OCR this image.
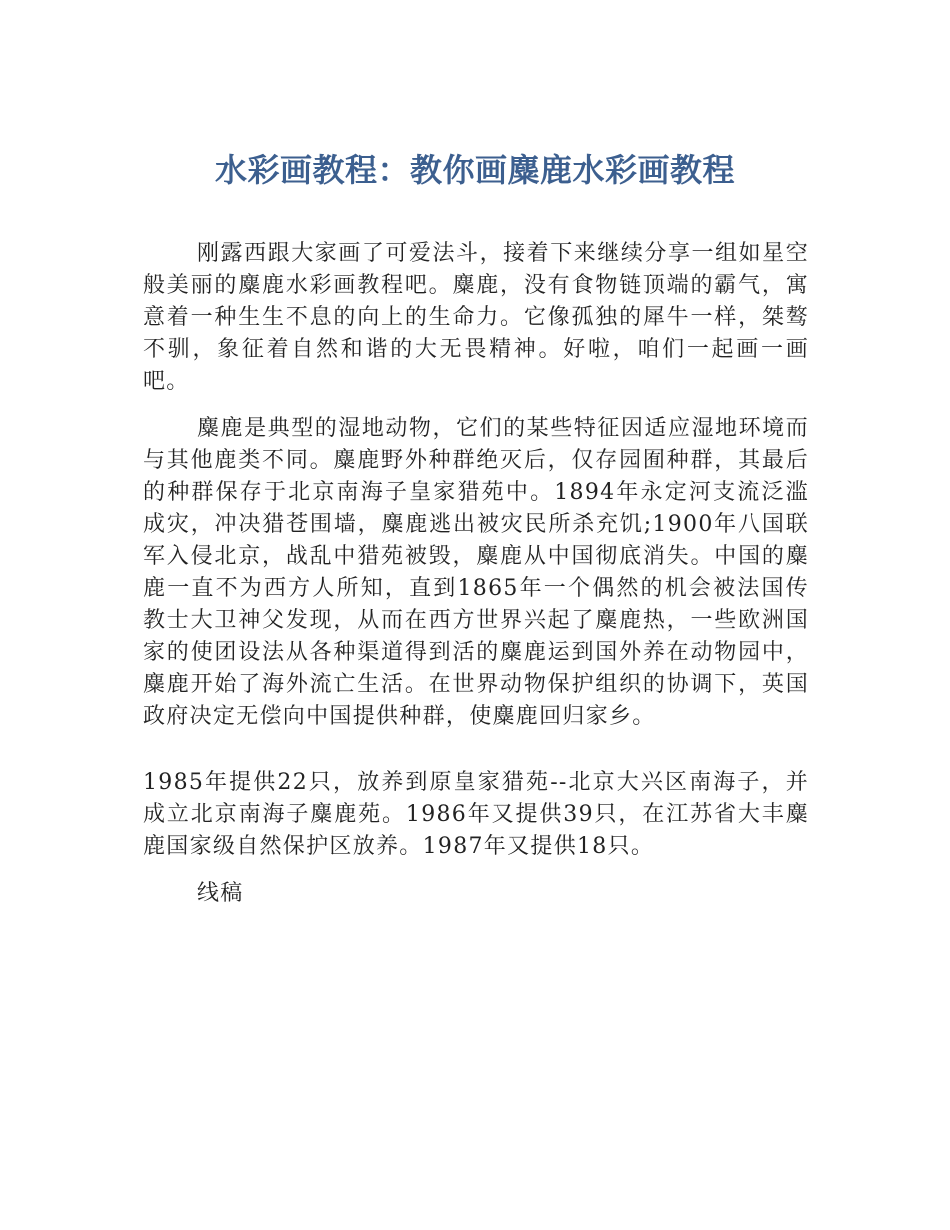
水彩画教程：教你画麋鹿水彩画教程

刚露西跟大家画了可爱法斗，接着下来继续分享一组如星空般美丽的麋鹿水彩画教程吧。麋鹿，没有食物链顶端的霸气，寓意着一种生生不息的向上的生命力。它像孤独的犀牛一样，桀骜不驯，象征着自然和谐的大无畏精神。好啦，咱们一起画一画吧。

麋鹿是典型的湿地动物，它们的某些特征因适应湿地环境而与其他鹿类不同。麋鹿野外种群绝灭后，仅存园囿种群，其最后的种群保存于北京南海子皇家猎苑中。1894年永定河支流泛滥成灾，冲决猎苍围墙，麋鹿逃出被灾民所杀充饥;1900年八国联军入侵北京，战乱中猎苑被毁，麋鹿从中国彻底消失。中国的麋鹿一直不为西方人所知，直到1865年一个偶然的机会被法国传教士大卫神父发现，从而在西方世界兴起了麋鹿热，一些欧洲国家的使团设法从各种渠道得到活的麋鹿运到国外养在动物园中，麋鹿开始了海外流亡生活。在世界动物保护组织的协调下，英国政府决定无偿向中国提供种群，使麋鹿回归家乡。

1985年提供22只，放养到原皇家猎苑--北京大兴区南海子，并成立北京南海子麋鹿苑。1986年又提供39只，在江苏省大丰麋鹿国家级自然保护区放养。1987年又提供18只。

线稿
